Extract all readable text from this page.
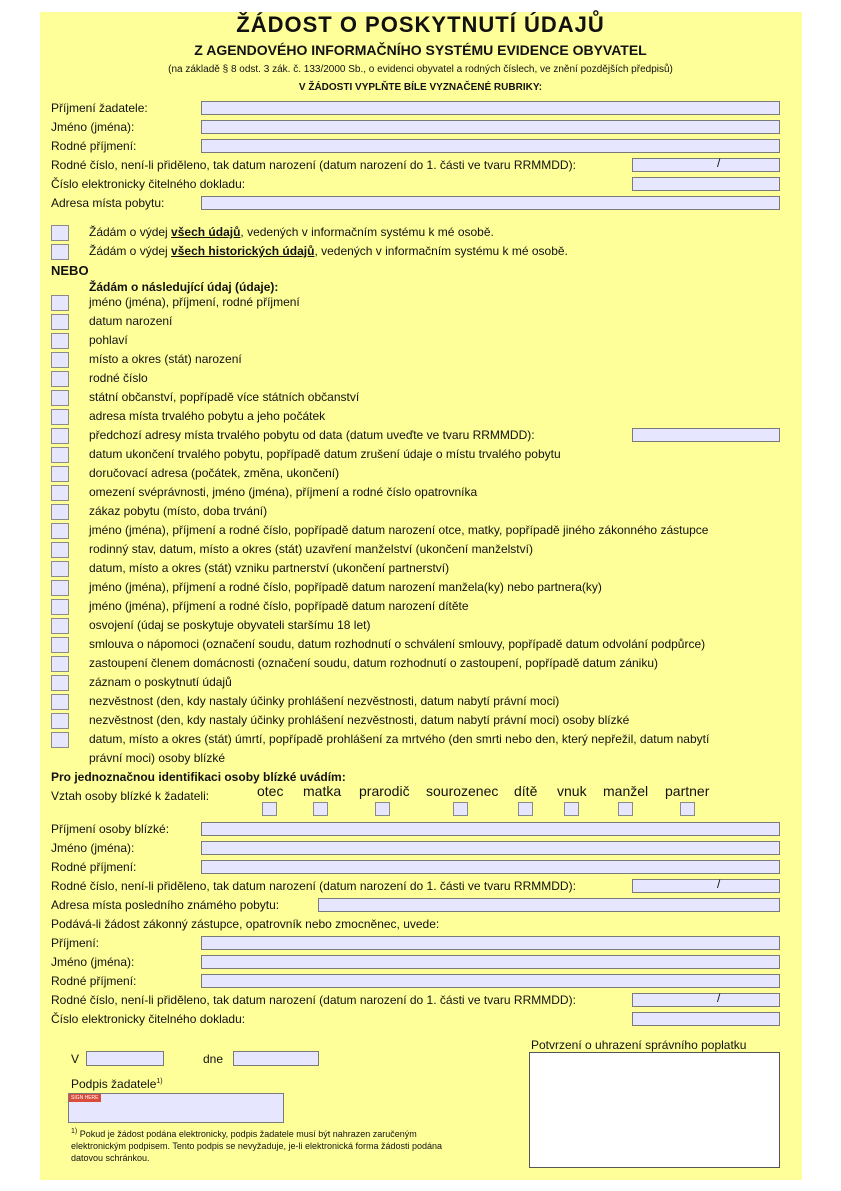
ŽÁDOST O POSKYTNUTÍ ÚDAJŮ
Z AGENDOVÉHO INFORMAČNÍHO SYSTÉMU EVIDENCE OBYVATEL
(na základě § 8 odst. 3 zák. č. 133/2000 Sb., o evidenci obyvatel a rodných číslech, ve znění pozdějších předpisů)
V ŽÁDOSTI VYPLŇTE BÍLE VYZNAČENÉ RUBRIKY:
Příjmení žadatele:
Jméno (jména):
Rodné příjmení:
Rodné číslo, není-li přiděleno, tak datum narození (datum narození do 1. části ve tvaru RRMMDD):	/
Číslo elektronicky čitelného dokladu:
Adresa místa pobytu:
Žádám o výdej všech údajů, vedených v informačním systému k mé osobě.
Žádám o výdej všech historických údajů, vedených v informačním systému k mé osobě.
NEBO
Žádám o následující údaj (údaje):
jméno (jména), příjmení, rodné příjmení
datum narození
pohlaví
místo a okres (stát) narození
rodné číslo
státní občanství, popřípadě více státních občanství
adresa místa trvalého pobytu a jeho počátek
předchozí adresy místa trvalého pobytu od data (datum uveďte ve tvaru RRMMDD):
datum ukončení trvalého pobytu, popřípadě datum zrušení údaje o místu trvalého pobytu
doručovací adresa (počátek, změna, ukončení)
omezení svéprávnosti, jméno (jména), příjmení a rodné číslo opatrovníka
zákaz pobytu (místo, doba trvání)
jméno (jména), příjmení a rodné číslo, popřípadě datum narození otce, matky, popřípadě jiného zákonného zástupce
rodinný stav, datum, místo a okres (stát) uzavření manželství (ukončení manželství)
datum, místo a okres (stát) vzniku partnerství (ukončení partnerství)
jméno (jména), příjmení a rodné číslo, popřípadě datum narození manžela(ky) nebo partnera(ky)
jméno (jména), příjmení a rodné číslo, popřípadě datum narození dítěte
osvojení (údaj se poskytuje obyvateli staršímu 18 let)
smlouva o nápomoci (označení soudu, datum rozhodnutí o schválení smlouvy, popřípadě datum odvolání podpůrce)
zastoupení členem domácnosti (označení soudu, datum rozhodnutí o zastoupení, popřípadě datum zániku)
záznam o poskytnutí údajů
nezvěstnost (den, kdy nastaly účinky prohlášení nezvěstnosti, datum nabytí právní moci)
nezvěstnost (den, kdy nastaly účinky prohlášení nezvěstnosti, datum nabytí právní moci) osoby blízké
datum, místo a okres (stát) úmrtí, popřípadě prohlášení za mrtvého (den smrti nebo den, který nepřežil, datum nabytí
právní moci) osoby blízké
Pro jednoznačnou identifikaci osoby blízké uvádím:
Vztah osoby blízké k žadateli:	otec matka prarodič sourozenec dítě vnuk manžel partner
Příjmení osoby blízké:
Jméno (jména):
Rodné příjmení:
Rodné číslo, není-li přiděleno, tak datum narození (datum narození do 1. části ve tvaru RRMMDD):	/
Adresa místa posledního známého pobytu:
Podává-li žádost zákonný zástupce, opatrovník nebo zmocněnec, uvede:
Příjmení:
Jméno (jména):
Rodné příjmení:
Rodné číslo, není-li přiděleno, tak datum narození (datum narození do 1. části ve tvaru RRMMDD):	/
Číslo elektronicky čitelného dokladu:
V	dne
Podpis žadatele$^{1)}$
SIGN HERE
$^{1)}$ Pokud je žádost podána elektronicky, podpis žadatele musí být nahrazen zaručeným elektronickým podpisem. Tento podpis se nevyžaduje, je-li elektronická forma žádosti podána datovou schránkou.
Potvrzení o uhrazení správního poplatku
